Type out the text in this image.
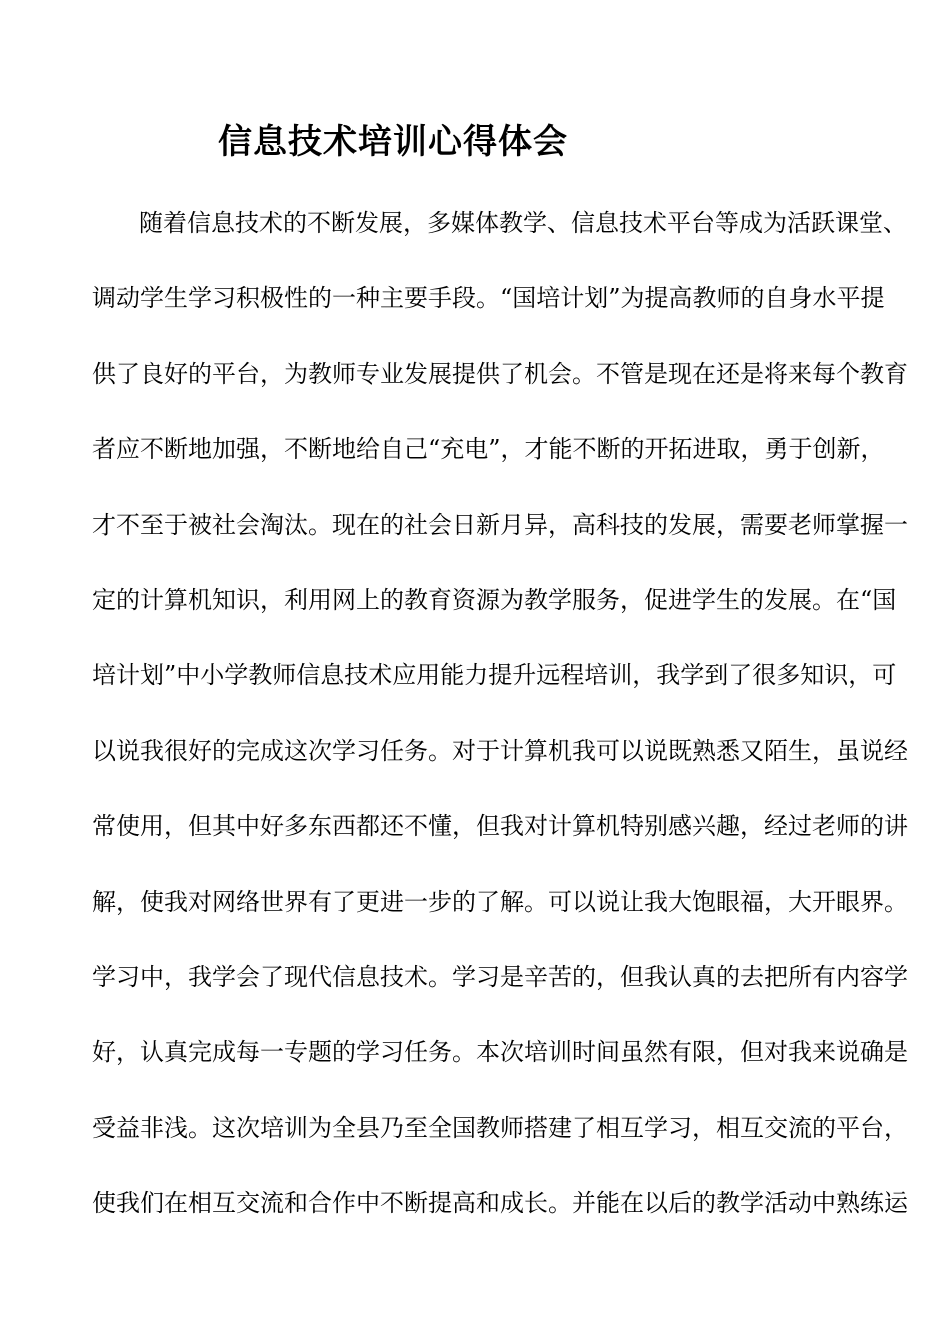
信息技术培训心得体会
随着信息技术的不断发展，多媒体教学、信息技术平台等成为活跃课堂、
调动学生学习积极性的一种主要手段。“国培计划”为提高教师的自身水平提
供了良好的平台，为教师专业发展提供了机会。不管是现在还是将来每个教育
者应不断地加强，不断地给自己“充电”，才能不断的开拓进取，勇于创新，
才不至于被社会淘汰。现在的社会日新月异，高科技的发展，需要老师掌握一
定的计算机知识，利用网上的教育资源为教学服务，促进学生的发展。在“国
培计划”中小学教师信息技术应用能力提升远程培训，我学到了很多知识，可
以说我很好的完成这次学习任务。对于计算机我可以说既熟悉又陌生，虽说经
常使用，但其中好多东西都还不懂，但我对计算机特别感兴趣，经过老师的讲
解，使我对网络世界有了更进一步的了解。可以说让我大饱眼福，大开眼界。
学习中，我学会了现代信息技术。学习是辛苦的，但我认真的去把所有内容学
好，认真完成每一专题的学习任务。本次培训时间虽然有限，但对我来说确是
受益非浅。这次培训为全县乃至全国教师搭建了相互学习，相互交流的平台，
使我们在相互交流和合作中不断提高和成长。并能在以后的教学活动中熟练运
